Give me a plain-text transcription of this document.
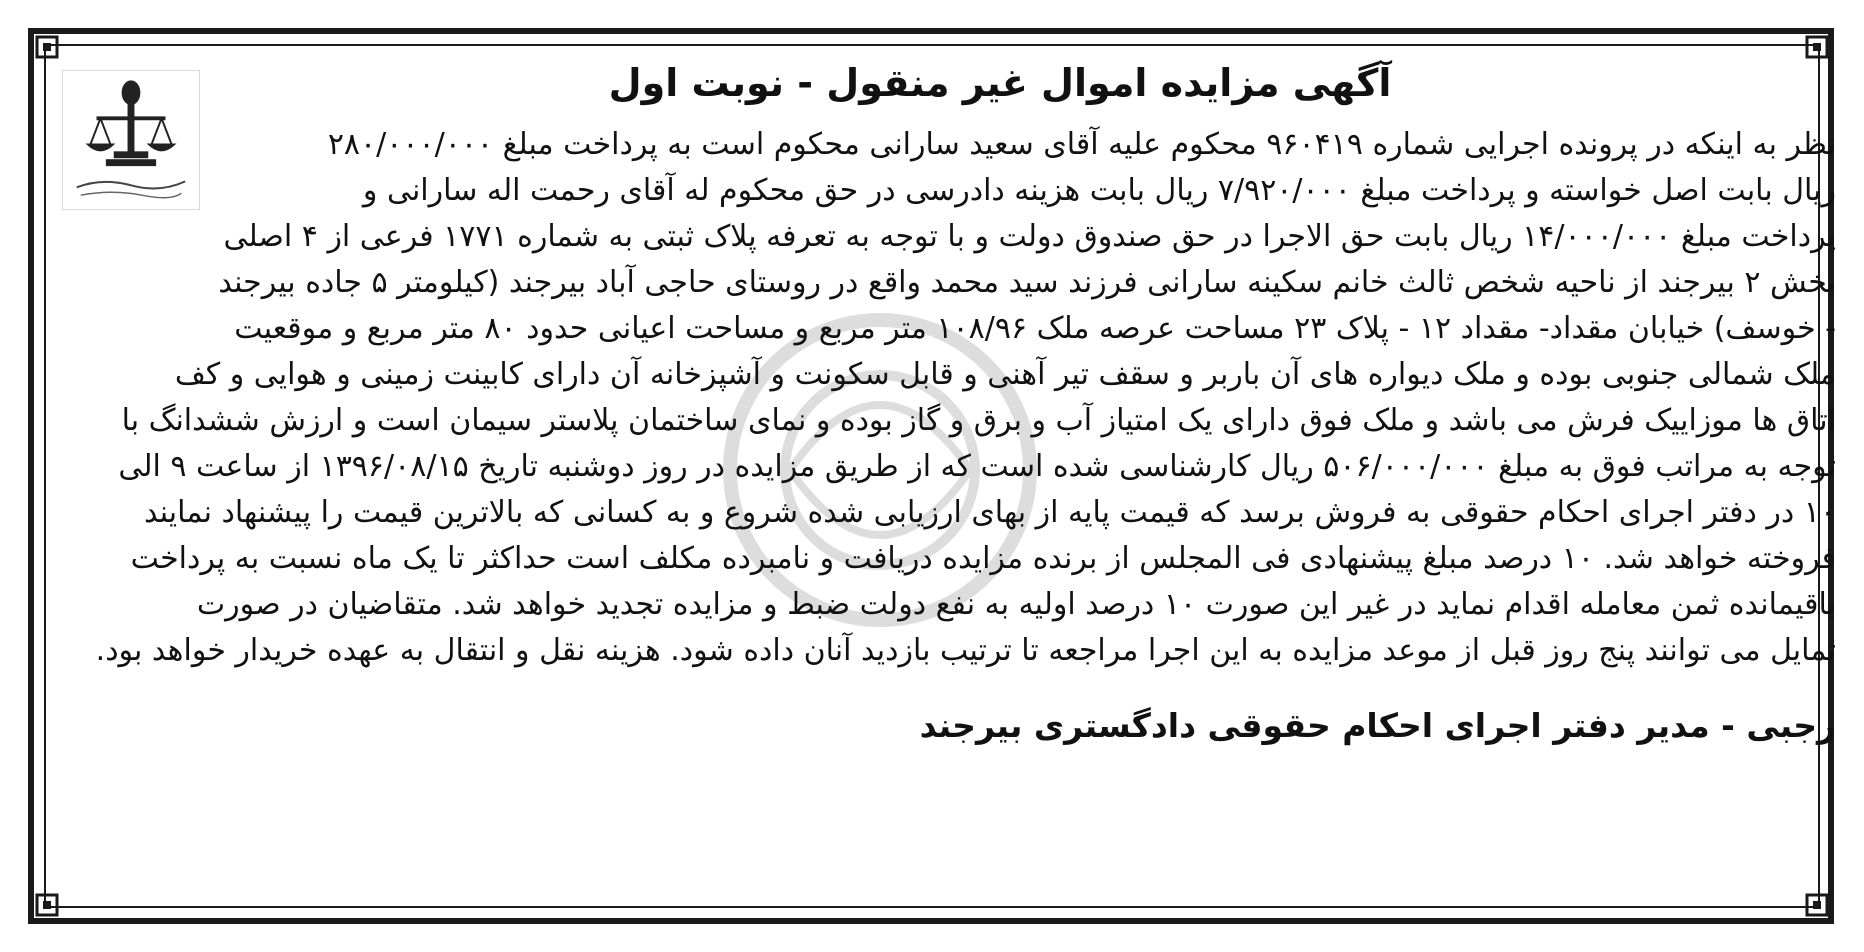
آگهی مزایده اموال غیر منقول - نوبت اول
نظر به اینکه در پرونده اجرایی شماره ۹۶۰۴۱۹ محکوم علیه آقای سعید سارانی محکوم است به پرداخت مبلغ ۲۸۰/۰۰۰/۰۰۰
ریال بابت اصل خواسته و پرداخت مبلغ ۷/۹۲۰/۰۰۰ ریال بابت هزینه دادرسی در حق محکوم له آقای رحمت اله سارانی و
پرداخت مبلغ ۱۴/۰۰۰/۰۰۰ ریال بابت حق الاجرا در حق صندوق دولت و با توجه به تعرفه پلاک ثبتی به شماره ۱۷۷۱ فرعی از ۴ اصلی
بخش ۲ بیرجند از ناحیه شخص ثالث خانم سکینه سارانی فرزند سید محمد واقع در روستای حاجی آباد بیرجند (کیلومتر ۵ جاده بیرجند
- خوسف) خیابان مقداد- مقداد ۱۲ - پلاک ۲۳ مساحت عرصه ملک ۱۰۸/۹۶ متر مربع و مساحت اعیانی حدود ۸۰ متر مربع و موقعیت
ملک شمالی جنوبی بوده و ملک دیواره های آن باربر و سقف تیر آهنی و قابل سکونت و آشپزخانه آن دارای کابینت زمینی و هوایی و کف
اتاق ها موزاییک فرش می باشد و ملک فوق دارای یک امتیاز آب و برق و گاز بوده و نمای ساختمان پلاستر سیمان است و ارزش ششدانگ با
توجه به مراتب فوق به مبلغ ۵۰۶/۰۰۰/۰۰۰ ریال کارشناسی شده است که از طریق مزایده در روز دوشنبه تاریخ ۱۳۹۶/۰۸/۱۵ از ساعت ۹ الی
۱۰ در دفتر اجرای احکام حقوقی به فروش برسد که قیمت پایه از بهای ارزیابی شده شروع و به کسانی که بالاترین قیمت را پیشنهاد نمایند
فروخته خواهد شد. ۱۰ درصد مبلغ پیشنهادی فی المجلس از برنده مزایده دریافت و نامبرده مکلف است حداکثر تا یک ماه نسبت به پرداخت
باقیمانده ثمن معامله اقدام نماید در غیر این صورت ۱۰ درصد اولیه به نفع دولت ضبط و مزایده تجدید خواهد شد. متقاضیان در صورت
تمایل می توانند پنج روز قبل از موعد مزایده به این اجرا مراجعه تا ترتیب بازدید آنان داده شود. هزینه نقل و انتقال به عهده خریدار خواهد بود.
رجبی - مدیر دفتر اجرای احکام حقوقی دادگستری بیرجند
